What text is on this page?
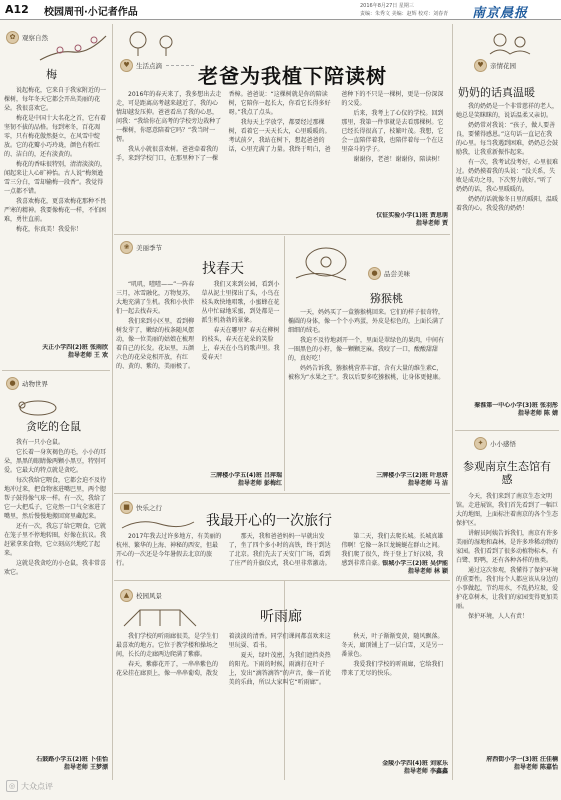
A12 校园周刊·小记者作品
2016年8月27日 星期三
责编：朱秀文 美编：赵辉 校对：刘春青 南京晨报
✿	观察自然
梅

说起梅花，它来自于我家附近的一棵树，每年冬天它都会开出美丽的花朵。我很喜欢它。

梅花是中国十大名花之首，它有着坚韧不拔的品格。每到寒冬，百花凋零，只有梅花傲然挺立，在风雪中绽放。它的花瓣小巧玲珑，颜色有粉红的、洁白的，还有淡黄的。

梅花的香味很特别，清清淡淡的，闻起来让人心旷神怡。古人说“梅须逊雪三分白，雪却输梅一段香”。我觉得一点都不错。

我喜欢梅花，更喜欢梅花那种不畏严寒的精神。我要像梅花一样，不怕困难，勇往直前。

梅花，你真美！我爱你！

天正小学四(2)班 张雨欣
指导老师 王 欢
● 动物世界
贪吃的仓鼠

我有一只小仓鼠。

它长着一身灰褐色的毛，小小的耳朵，黑黑的眼睛像两颗小黑豆，特别可爱。它最大的特点就是贪吃。

每次我给它喂食，它都会迫不及待地冲过来，把食物塞进嘴巴里，两个腮帮子鼓得像气球一样。有一次，我给了它一大把瓜子，它竟然一口气全塞进了嘴里，然后慢慢地搬回窝里藏起来。

还有一次，我忘了给它喂食，它就在笼子里不停地转圈，好像在抗议。我赶紧拿来食物，它立刻高兴地吃了起来。

这就是我贪吃的小仓鼠，我非常喜欢它。

石鼓路小学五(2)班 卜佳怡
指导老师 王梦漂
♥ 生活点滴 老爸为我植下陪读树

2016年的春天来了，我多想出去走走，可是距离高考越来越近了，我的心情却越发压抑。爸爸看出了我的心思，问我：“我给你在高考的学校旁边栽种了一棵树，你愿意陪着它吗？”我当时一愣。

我从小就很喜欢树。爸爸牵着我的手，来到学校门口，在那里种下了一棵香樟。爸爸说：“这棵树就是你的陪读树，它陪你一起长大，你看它长得多好呀。”我点了点头。

我每天上学放学，都要经过那棵树，看着它一天天长大，心里暖暖的。考试前夕，我站在树下，想起爸爸的话，心里充满了力量。我终于明白，爸爸种下的不只是一棵树，更是一份深深的父爱。

后来，我考上了心仪的学校。回到那里，我第一件事就是去看那棵树。它已经长得很高了，枝繁叶茂。我想，它会一直陪伴着我，也陪伴着每一个在这里奋斗的学子。

谢谢你，老爸！谢谢你，陪读树！

仪征实验小学(1)班 贾思萌
指导老师 贾
❀	美丽季节
找春天

“叽叽，喳喳——”一阵春三月，冰雪融化，万物复苏，大地充满了生机。我和小伙伴们一起去找春天。

我们来到小区里，看到柳树发芽了，嫩绿的枝条随风摆动，像一位美丽的姑娘在梳理着自己的长发。花坛里，五颜六色的花朵竞相开放，有红的、黄的、紫的，美丽极了。

我们又来到公园，看到小草从泥土里探出了头，小鸟在枝头欢快地唱歌，小蜜蜂在花丛中忙碌地采蜜，到处都是一派生机勃勃的景象。

春天在哪里？春天在柳树的枝头，春天在花朵的笑脸上，春天在小鸟的歌声里。我爱春天！

三牌楼小学五(4)班 吕萍瑞
指导老师 彭梅红
● 品尝美味
猕猴桃

一天，妈妈买了一盒猕猴桃回来。它们的样子很奇特，椭圆的身体，像一个个小鸡蛋，外皮是棕色的，上面长满了细细的绒毛。

我迫不及待地剥开一个，里面是翠绿色的果肉，中间有一圈黑色的小籽，像一颗颗芝麻。我咬了一口，酸酸甜甜的，真好吃！

妈妈告诉我，猕猴桃营养丰富，含有大量的维生素C，被称为“水果之王”。我以后要多吃猕猴桃，让身体更健康。

三牌楼小学三(2)班 叶思妍
指导老师 马 洁
■ 快乐之行
我最开心的一次旅行

2017年我去过许多地方，有美丽的杭州、繁华的上海、神秘的西安，但最开心的一次还是今年暑假去北京的旅行。

那天，我和爸爸妈妈一早就出发了，坐了四个多小时的高铁，终于到达了北京。我们先去了天安门广场，看到了庄严的升旗仪式，我心里非常激动。

第二天，我们去爬长城。长城真雄伟啊！它像一条巨龙蜿蜒在群山之间。我们爬了很久，终于登上了好汉坡，我感到非常自豪。

银城小学三(2)班 吴伊能
指导老师 林 颖
▲	校园风景
听雨廊

我们学校的听雨廊很美，是学生们最喜欢的地方。它位于教学楼和操场之间，长长的走廊两边爬满了紫藤。

春天，紫藤花开了，一串串紫色的花朵挂在廊顶上，像一串串葡萄，散发着淡淡的清香。同学们课间都喜欢来这里玩耍、看书。

夏天，绿叶茂密，为我们遮挡炎热的阳光。下雨的时候，雨滴打在叶子上，发出“滴答滴答”的声音，像一首优美的乐曲，所以大家叫它“听雨廊”。

秋天，叶子渐渐变黄，随风飘落。冬天，廊顶铺上了一层白雪，又是另一番景色。

我爱我们学校的听雨廊，它给我们带来了无尽的快乐。

金陵小学四(4)班 刘家乐
指导老师 李鑫鑫
♥ 亲情花园
奶奶的话真温暖

我的奶奶是一个非常慈祥的老人，她总是笑眯眯的，说话温柔又亲切。

奶奶常对我说：“孩子，做人要善良，要懂得感恩。”这句话一直记在我的心里。每当我遇到困难，奶奶总会鼓励我，让我重新振作起来。

有一次，我考试没考好，心里很难过。奶奶摸着我的头说：“没关系，失败是成功之母，下次努力就好。”听了奶奶的话，我心里暖暖的。

奶奶的话就像冬日里的暖阳，温暖着我的心。我爱我的奶奶！

秦淮第一中心小学(3)班 张羽彤
指导老师 陈 婧
✦	小小感悟
参观南京生态馆有感

今天，我们来到了南京生态文明馆。走进展馆，我们首先看到了一幅巨大的地图，上面标注着南京的各个生态保护区。

讲解员阿姨告诉我们，南京有许多美丽的湿地和森林，是许多珍稀动物的家园。我们看到了很多动植物标本，有白鹭、野鸭，还有各种各样的鱼类。

通过这次参观，我懂得了保护环境的重要性。我们每个人都应该从身边的小事做起，节约用水，不乱扔垃圾，爱护花草树木，让我们的家园变得更加美丽。

保护环境，人人有责！

府西街小学一(3)班 汪佳楠
指导老师 陈嘉怡
◎ 大众点评
